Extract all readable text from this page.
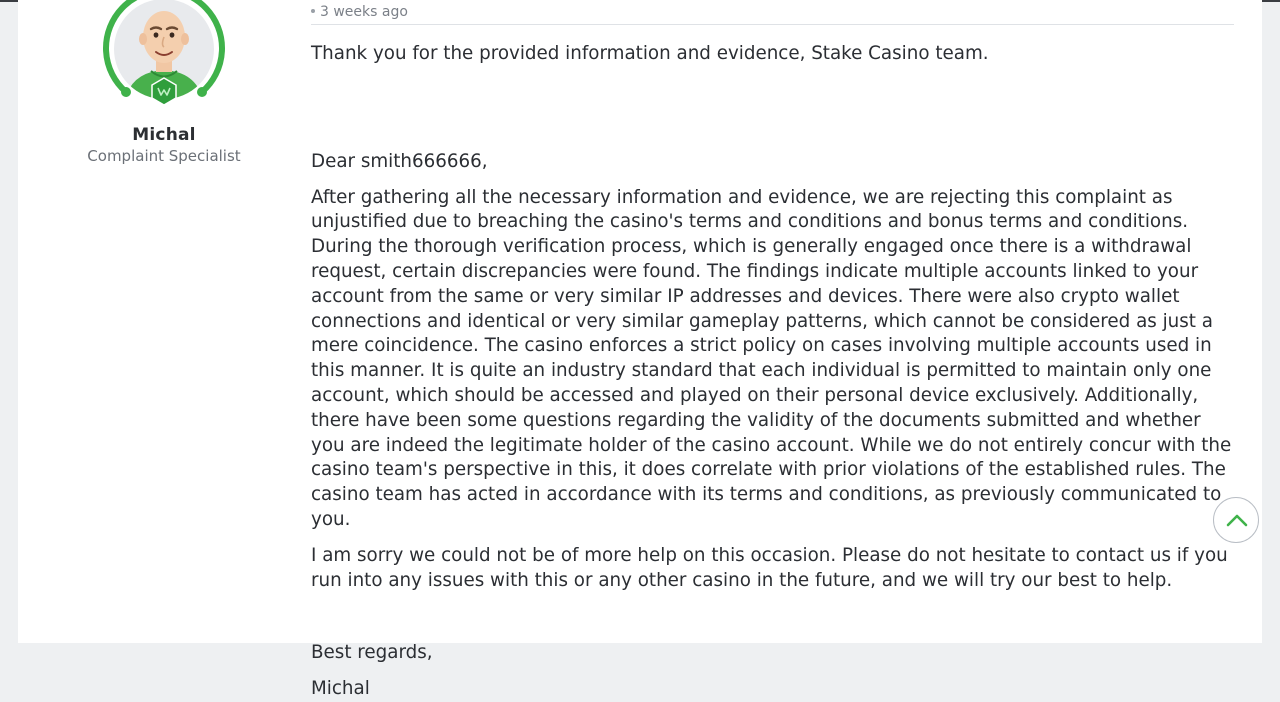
Michal
Complaint Specialist
3 weeks ago

Thank you for the provided information and evidence, Stake Casino team.

Dear smith666666,

After gathering all the necessary information and evidence, we are rejecting this complaint as unjustified due to breaching the casino's terms and conditions and bonus terms and conditions. During the thorough verification process, which is generally engaged once there is a withdrawal request, certain discrepancies were found. The findings indicate multiple accounts linked to your account from the same or very similar IP addresses and devices. There were also crypto wallet connections and identical or very similar gameplay patterns, which cannot be considered as just a mere coincidence. The casino enforces a strict policy on cases involving multiple accounts used in this manner. It is quite an industry standard that each individual is permitted to maintain only one account, which should be accessed and played on their personal device exclusively. Additionally, there have been some questions regarding the validity of the documents submitted and whether you are indeed the legitimate holder of the casino account. While we do not entirely concur with the casino team's perspective in this, it does correlate with prior violations of the established rules. The casino team has acted in accordance with its terms and conditions, as previously communicated to you.

I am sorry we could not be of more help on this occasion. Please do not hesitate to contact us if you run into any issues with this or any other casino in the future, and we will try our best to help.

Best regards,

Michal
